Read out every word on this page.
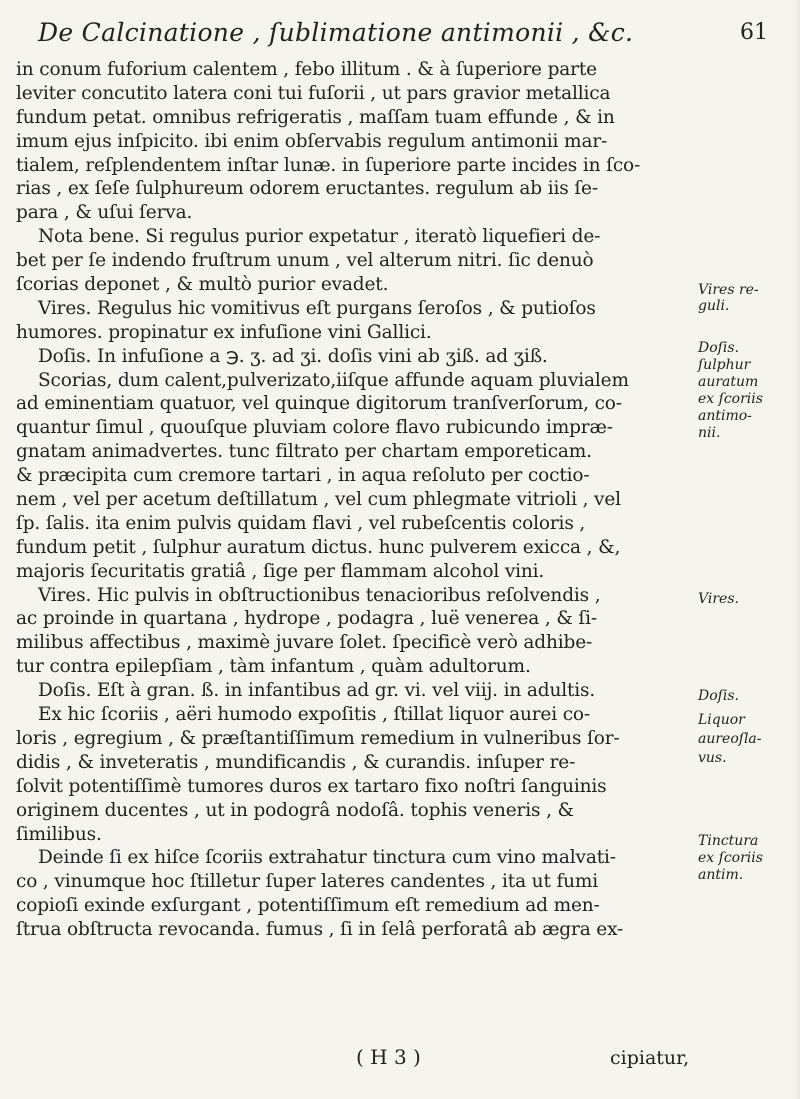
De Calcinatione , ſublimatione antimonii , &c.	61
in conum fuforium calentem , febo illitum . & à ſuperiore parte
leviter concutito latera coni tui fuſorii , ut pars gravior metallica
fundum petat. omnibus refrigeratis , maſſam tuam effunde , & in
imum ejus inſpicito. ibi enim obſervabis regulum antimonii mar-
tialem, reſplendentem inſtar lunæ. in ſuperiore parte incides in ſco-
rias , ex ſeſe ſulphureum odorem eructantes. regulum ab iis ſe-
para , & uſui ſerva.
Nota bene. Si regulus purior expetatur , iteratò liquefieri de-
bet per ſe indendo fruſtrum unum , vel alterum nitri. ſic denuò
ſcorias deponet , & multò purior evadet.
Vires. Regulus hic vomitivus eſt purgans ſeroſos , & putioſos
humores. propinatur ex infuſione vini Gallici.
Doſis. In infuſione a ℈. ʒ. ad ʒi. doſis vini ab ʒiß. ad ʒiß.
Scorias, dum calent,pulverizato,iiſque affunde aquam pluvialem
ad eminentiam quatuor, vel quinque digitorum tranſverſorum, co-
quantur ſimul , quouſque pluviam colore flavo rubicundo impræ-
gnatam animadvertes. tunc filtrato per chartam emporeticam.
& præcipita cum cremore tartari , in aqua reſoluto per coctio-
nem , vel per acetum deſtillatum , vel cum phlegmate vitrioli , vel
ſp. ſalis. ita enim pulvis quidam flavi , vel rubeſcentis coloris ,
fundum petit , ſulphur auratum dictus. hunc pulverem exicca , &,
majoris ſecuritatis gratiâ , ſige per flammam alcohol vini.
Vires. Hic pulvis in obſtructionibus tenacioribus reſolvendis ,
ac proinde in quartana , hydrope , podagra , luë venerea , & ſi-
milibus affectibus , maximè juvare ſolet. ſpecificè verò adhibe-
tur contra epilepſiam , tàm infantum , quàm adultorum.
Doſis. Eſt à gran. ß. in infantibus ad gr. vi. vel viij. in adultis.
Ex hic ſcoriis , aëri humodo expoſitis , ſtillat liquor aurei co-
loris , egregium , & præſtantiſſimum remedium in vulneribus ſor-
didis , & inveteratis , mundificandis , & curandis. inſuper re-
ſolvit potentiſſimè tumores duros ex tartaro fixo noſtri ſanguinis
originem ducentes , ut in podogrâ nodoſâ. tophis veneris , &
ſimilibus.
Deinde ſi ex hiſce ſcoriis extrahatur tinctura cum vino malvati-
co , vinumque hoc ſtilletur ſuper lateres candentes , ita ut fumi
copioſi exinde exſurgant , potentiſſimum eſt remedium ad men-
ſtrua obſtructa revocanda. fumus , ſi in ſelâ perforatâ ab ægra ex-
Vires re-
guli.
Doſis.
ſulphur
auratum
ex ſcoriis
antimo-
nii.
Vires.
Doſis.
Liquor
aureoſla-
vus.
Tinctura
ex ſcoriis
antim.
( H 3 )	cipiatur,
